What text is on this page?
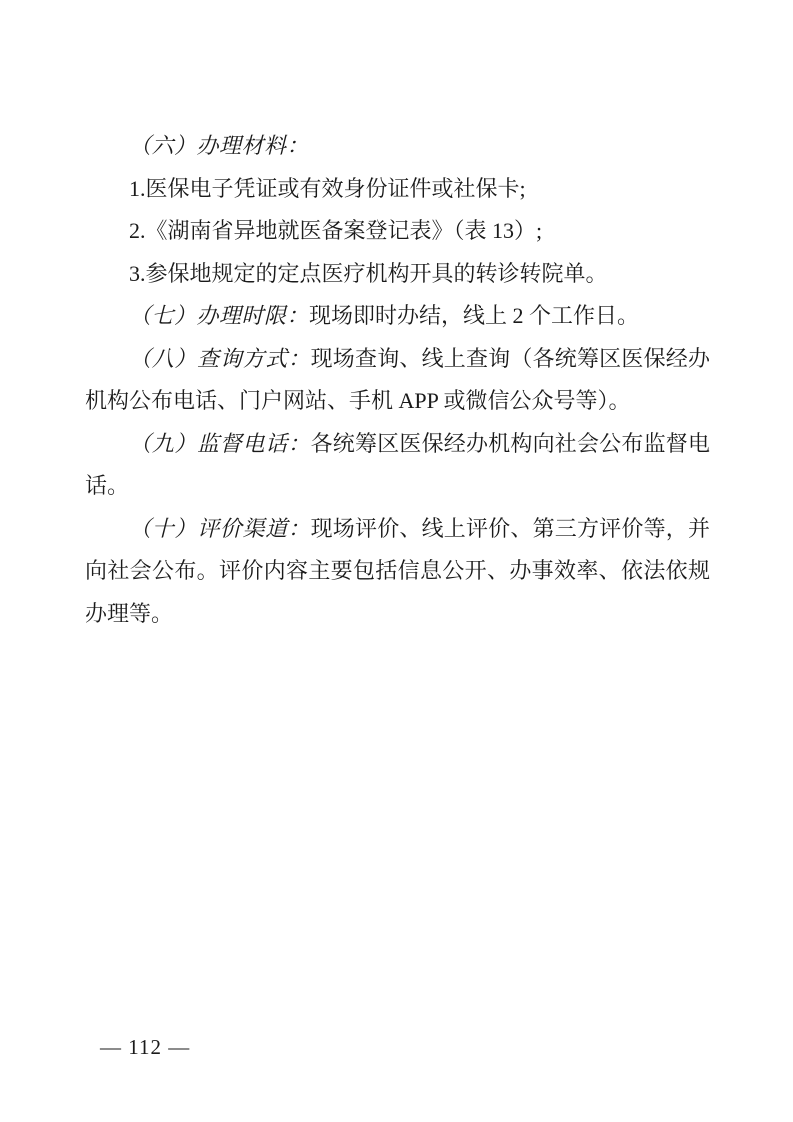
（六）办理材料：
1.医保电子凭证或有效身份证件或社保卡;
2.《湖南省异地就医备案登记表》（表 13）;
3.参保地规定的定点医疗机构开具的转诊转院单。
（七）办理时限：现场即时办结，线上 2 个工作日。
（八）查询方式：现场查询、线上查询（各统筹区医保经办
机构公布电话、门户网站、手机 APP 或微信公众号等）。
（九）监督电话：各统筹区医保经办机构向社会公布监督电
话。
（十）评价渠道：现场评价、线上评价、第三方评价等，并
向社会公布。评价内容主要包括信息公开、办事效率、依法依规
办理等。
— 112 —
